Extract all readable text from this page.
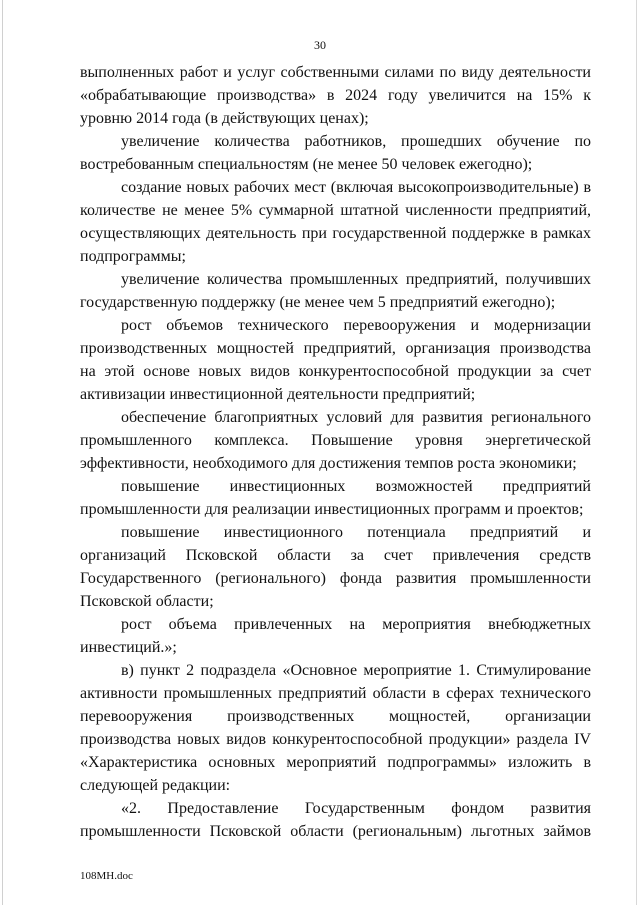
30
выполненных работ и услуг собственными силами по виду деятельности
«обрабатывающие производства» в 2024 году увеличится на 15% к
уровню 2014 года (в действующих ценах);
увеличение количества работников, прошедших обучение по
востребованным специальностям (не менее 50 человек ежегодно);
создание новых рабочих мест (включая высокопроизводительные) в
количестве не менее 5% суммарной штатной численности предприятий,
осуществляющих деятельность при государственной поддержке в рамках
подпрограммы;
увеличение количества промышленных предприятий, получивших
государственную поддержку (не менее чем 5 предприятий ежегодно);
рост объемов технического перевооружения и модернизации
производственных мощностей предприятий, организация производства
на этой основе новых видов конкурентоспособной продукции за счет
активизации инвестиционной деятельности предприятий;
обеспечение благоприятных условий для развития регионального
промышленного комплекса. Повышение уровня энергетической
эффективности, необходимого для достижения темпов роста экономики;
повышение инвестиционных возможностей предприятий
промышленности для реализации инвестиционных программ и проектов;
повышение инвестиционного потенциала предприятий и
организаций Псковской области за счет привлечения средств
Государственного (регионального) фонда развития промышленности
Псковской области;
рост объема привлеченных на мероприятия внебюджетных
инвестиций.»;
в) пункт 2 подраздела «Основное мероприятие 1. Стимулирование
активности промышленных предприятий области в сферах технического
перевооружения производственных мощностей, организации
производства новых видов конкурентоспособной продукции» раздела IV
«Характеристика основных мероприятий подпрограммы» изложить в
следующей редакции:
«2. Предоставление Государственным фондом развития
промышленности Псковской области (региональным) льготных займов
108MН.doc
